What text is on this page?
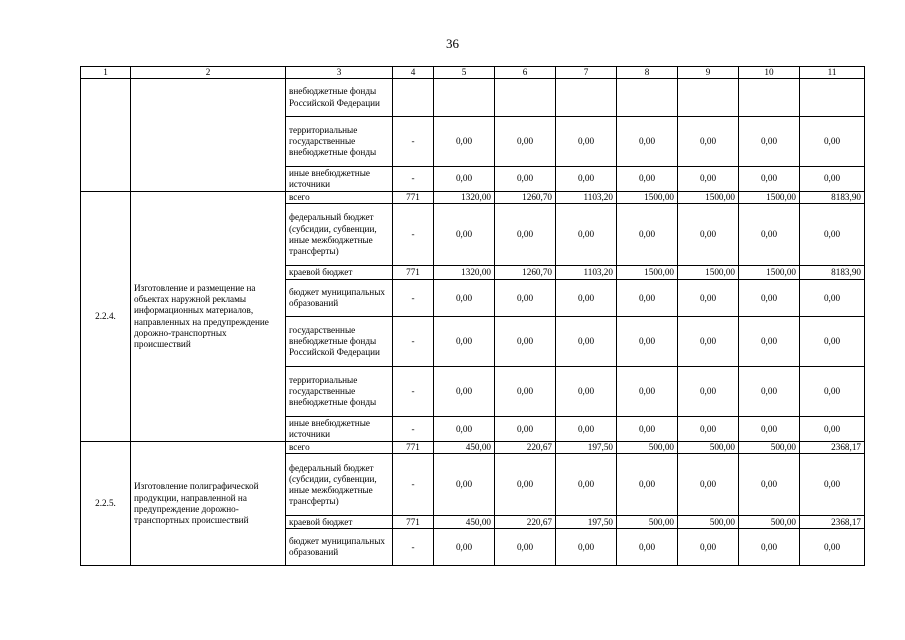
36
1	2	3	4	5	6	7	8	9	10	11
		внебюджетные фонды Российской Федерации								
		территориальные государственные внебюджетные фонды	-	0,00	0,00	0,00	0,00	0,00	0,00	0,00
		иные внебюджетные источники	-	0,00	0,00	0,00	0,00	0,00	0,00	0,00
2.2.4.	Изготовление и размещение на объектах наружной рекламы информационных материалов, направленных на предупреждение дорожно-транспортных происшествий	всего	771	1320,00	1260,70	1103,20	1500,00	1500,00	1500,00	8183,90
		федеральный бюджет (субсидии, субвенции, иные межбюджетные трансферты)	-	0,00	0,00	0,00	0,00	0,00	0,00	0,00
		краевой бюджет	771	1320,00	1260,70	1103,20	1500,00	1500,00	1500,00	8183,90
		бюджет муниципальных образований	-	0,00	0,00	0,00	0,00	0,00	0,00	0,00
		государственные внебюджетные фонды Российской Федерации	-	0,00	0,00	0,00	0,00	0,00	0,00	0,00
		территориальные государственные внебюджетные фонды	-	0,00	0,00	0,00	0,00	0,00	0,00	0,00
		иные внебюджетные источники	-	0,00	0,00	0,00	0,00	0,00	0,00	0,00
2.2.5.	Изготовление полиграфической продукции, направленной на предупреждение дорожно-транспортных происшествий	всего	771	450,00	220,67	197,50	500,00	500,00	500,00	2368,17
		федеральный бюджет (субсидии, субвенции, иные межбюджетные трансферты)	-	0,00	0,00	0,00	0,00	0,00	0,00	0,00
		краевой бюджет	771	450,00	220,67	197,50	500,00	500,00	500,00	2368,17
		бюджет муниципальных образований	-	0,00	0,00	0,00	0,00	0,00	0,00	0,00
